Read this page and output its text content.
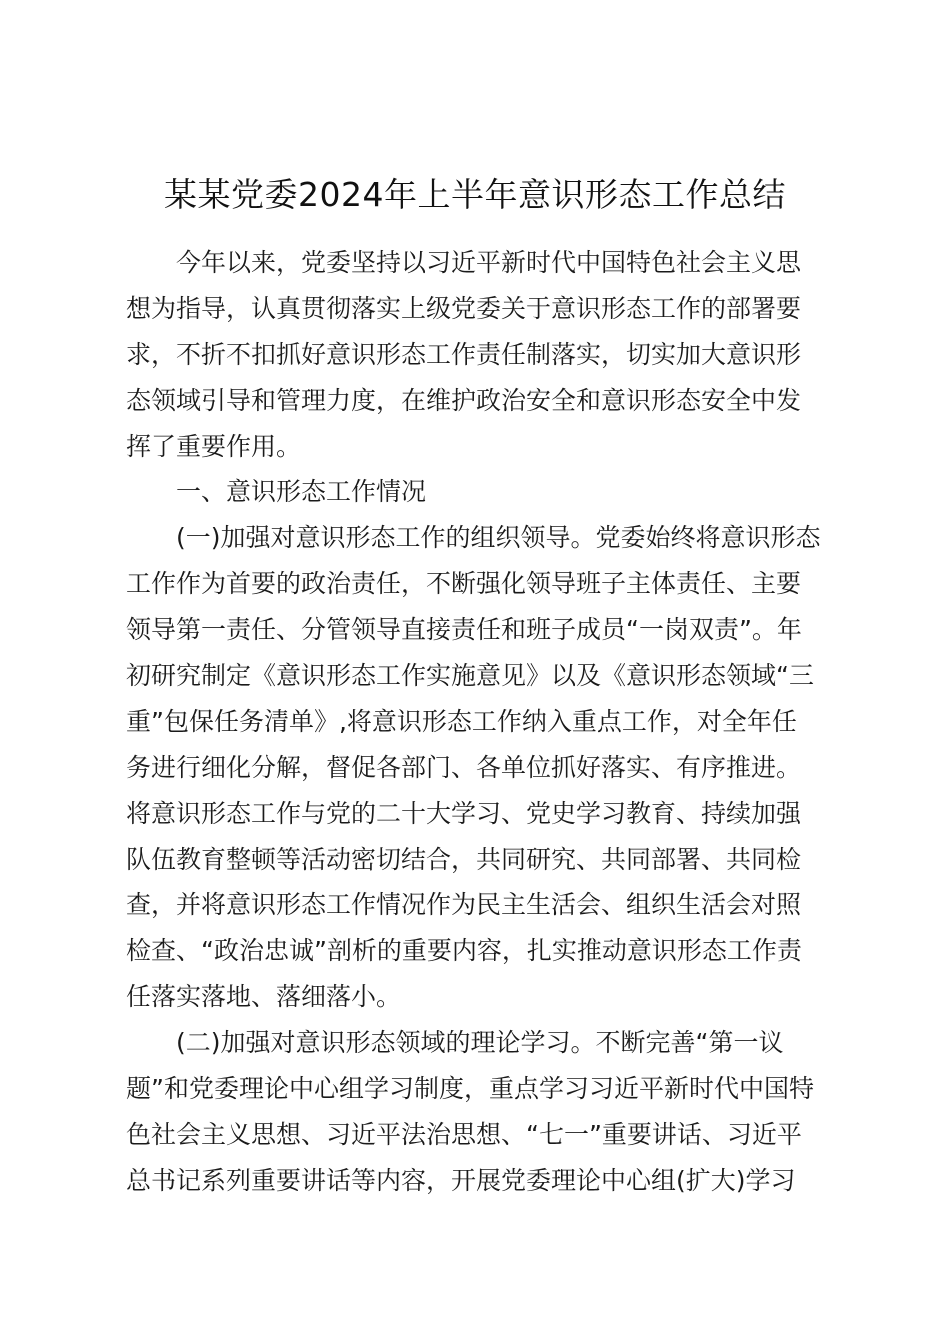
某某党委2024年上半年意识形态工作总结
今年以来，党委坚持以习近平新时代中国特色社会主义思
想为指导，认真贯彻落实上级党委关于意识形态工作的部署要
求，不折不扣抓好意识形态工作责任制落实，切实加大意识形
态领域引导和管理力度，在维护政治安全和意识形态安全中发
挥了重要作用。
一、意识形态工作情况
(一)加强对意识形态工作的组织领导。党委始终将意识形态
工作作为首要的政治责任，不断强化领导班子主体责任、主要
领导第一责任、分管领导直接责任和班子成员“一岗双责”。年
初研究制定《意识形态工作实施意见》以及《意识形态领域“三
重”包保任务清单》,将意识形态工作纳入重点工作，对全年任
务进行细化分解，督促各部门、各单位抓好落实、有序推进。
将意识形态工作与党的二十大学习、党史学习教育、持续加强
队伍教育整顿等活动密切结合，共同研究、共同部署、共同检
查，并将意识形态工作情况作为民主生活会、组织生活会对照
检查、“政治忠诚”剖析的重要内容，扎实推动意识形态工作责
任落实落地、落细落小。
(二)加强对意识形态领域的理论学习。不断完善“第一议
题”和党委理论中心组学习制度，重点学习习近平新时代中国特
色社会主义思想、习近平法治思想、“七一”重要讲话、习近平
总书记系列重要讲话等内容，开展党委理论中心组(扩大)学习
